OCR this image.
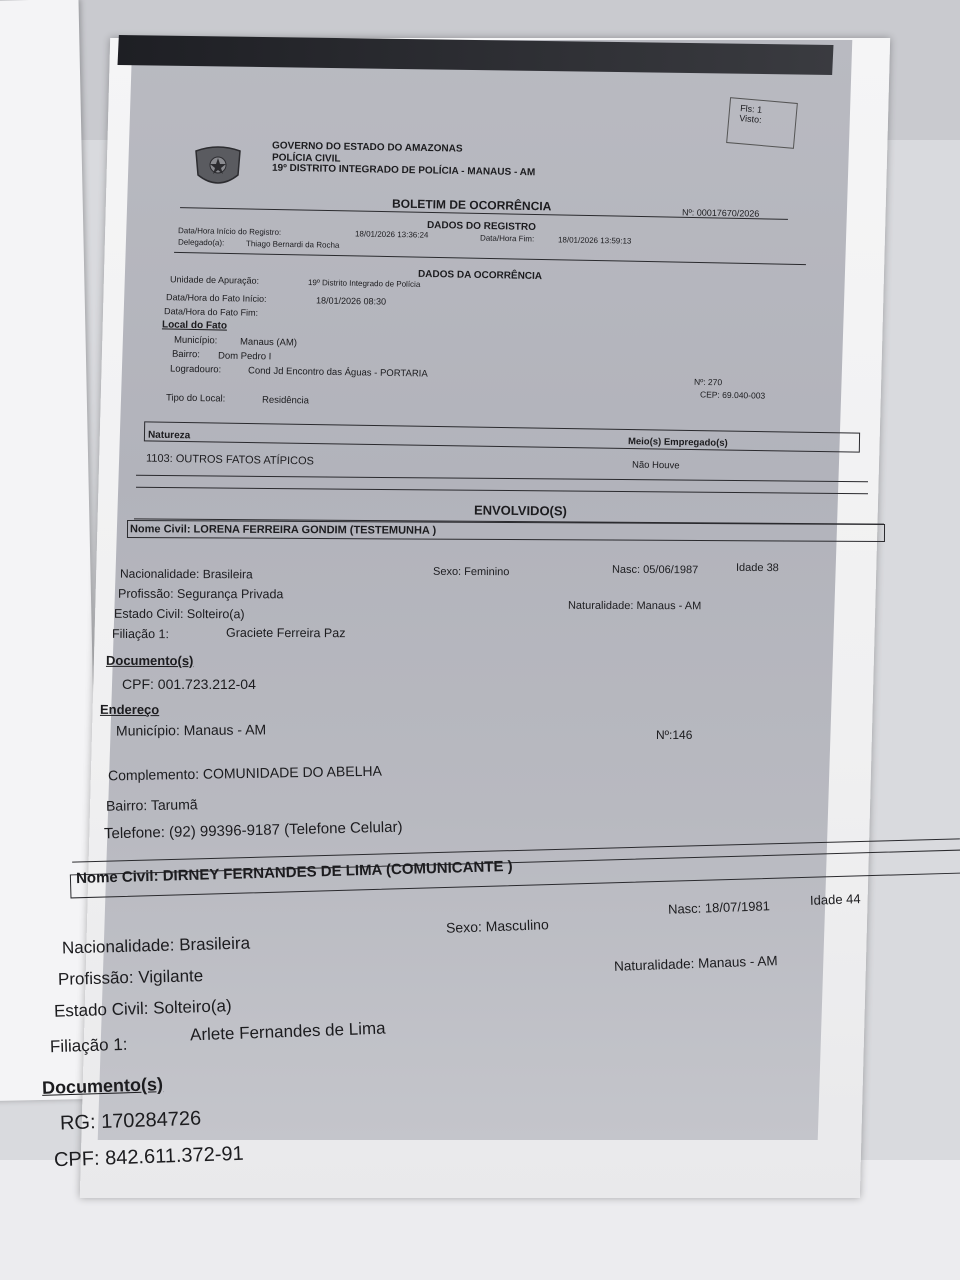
Fls: 1
Visto:
GOVERNO DO ESTADO DO AMAZONAS
POLÍCIA CIVIL
19º DISTRITO INTEGRADO DE POLÍCIA - MANAUS - AM
BOLETIM DE OCORRÊNCIA	Nº: 00017670/2026
DADOS DO REGISTRO
Data/Hora Início do Registro:	18/01/2026 13:36:24	Data/Hora Fim:	18/01/2026 13:59:13
Delegado(a):	Thiago Bernardi da Rocha
DADOS DA OCORRÊNCIA
Unidade de Apuração:	19º Distrito Integrado de Polícia
Data/Hora do Fato Início:	18/01/2026 08:30
Data/Hora do Fato Fim:
Local do Fato
Município: Manaus (AM)
Bairro: Dom Pedro I
Logradouro:	Cond Jd Encontro das Águas - PORTARIA
Nº: 270
CEP: 69.040-003
Tipo do Local:	Residência
Natureza
Meio(s) Empregado(s)
1103: OUTROS FATOS ATÍPICOS	Não Houve
ENVOLVIDO(S)
Nome Civil: LORENA FERREIRA GONDIM (TESTEMUNHA )
Nacionalidade: Brasileira	Sexo: Feminino	Nasc: 05/06/1987	Idade 38
Profissão: Segurança Privada
Estado Civil: Solteiro(a)
Naturalidade: Manaus - AM
Filiação 1:	Graciete Ferreira Paz
Documento(s)
CPF: 001.723.212-04
Endereço
Município: Manaus - AM	Nº:146
Complemento: COMUNIDADE DO ABELHA
Bairro: Tarumã
Telefone: (92) 99396-9187 (Telefone Celular)
Nome Civil: DIRNEY FERNANDES DE LIMA (COMUNICANTE )
Sexo: Masculino
Nasc: 18/07/1981	Idade 44
Nacionalidade: Brasileira
Profissão: Vigilante
Naturalidade: Manaus - AM
Estado Civil: Solteiro(a)
Filiação 1:
Arlete Fernandes de Lima
Documento(s)
RG: 170284726
CPF: 842.611.372-91
